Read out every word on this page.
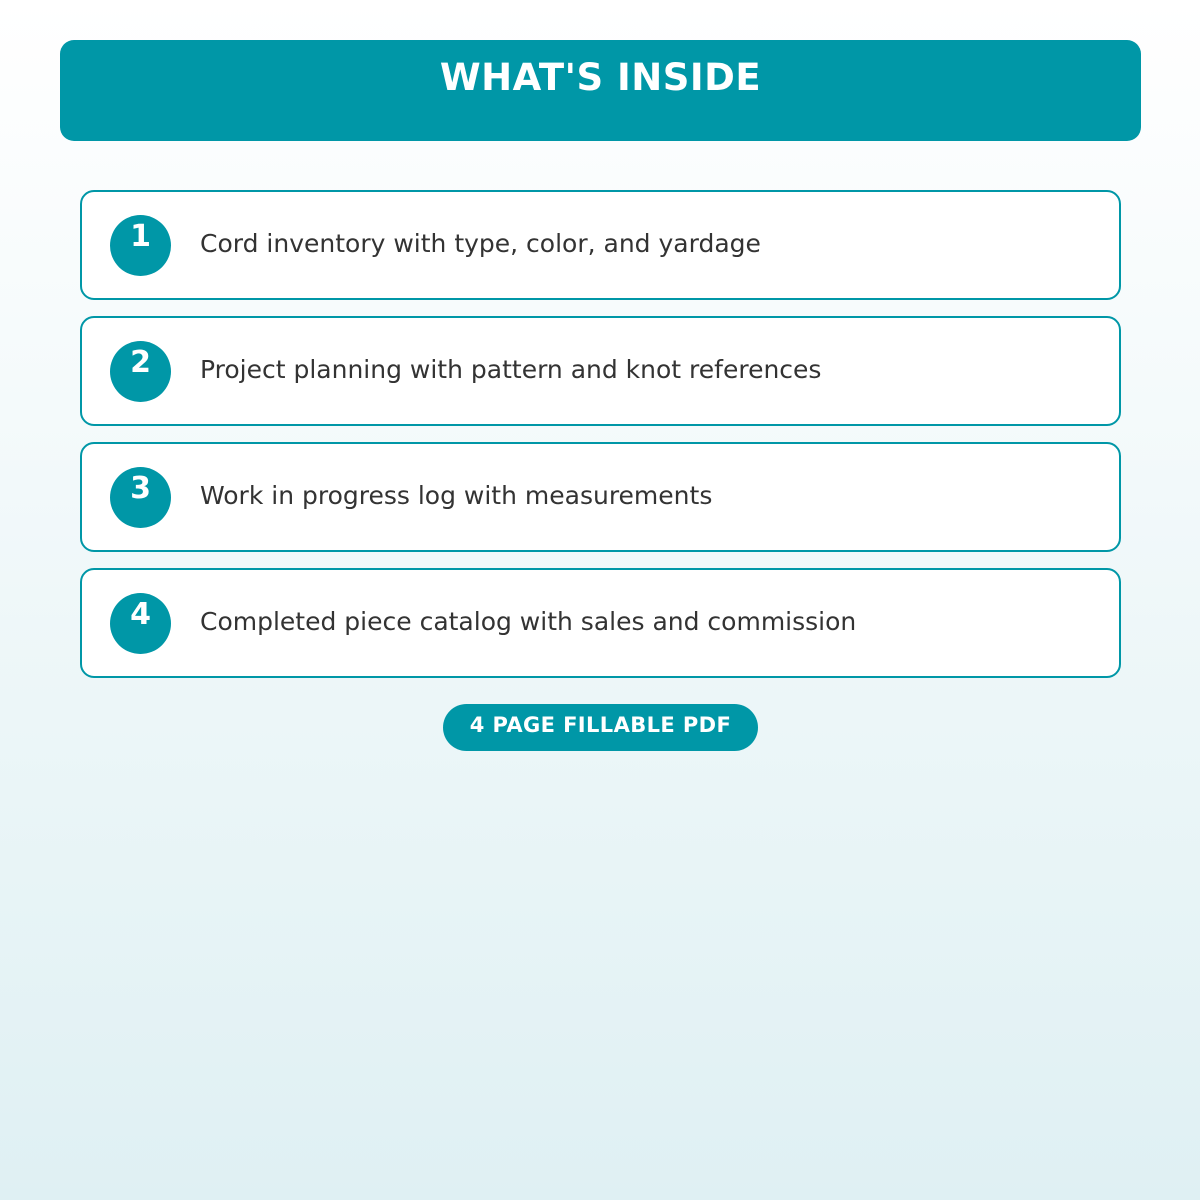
WHAT'S INSIDE
1	Cord inventory with type, color, and yardage
2	Project planning with pattern and knot references
3	Work in progress log with measurements
4	Completed piece catalog with sales and commission
4 PAGE FILLABLE PDF
